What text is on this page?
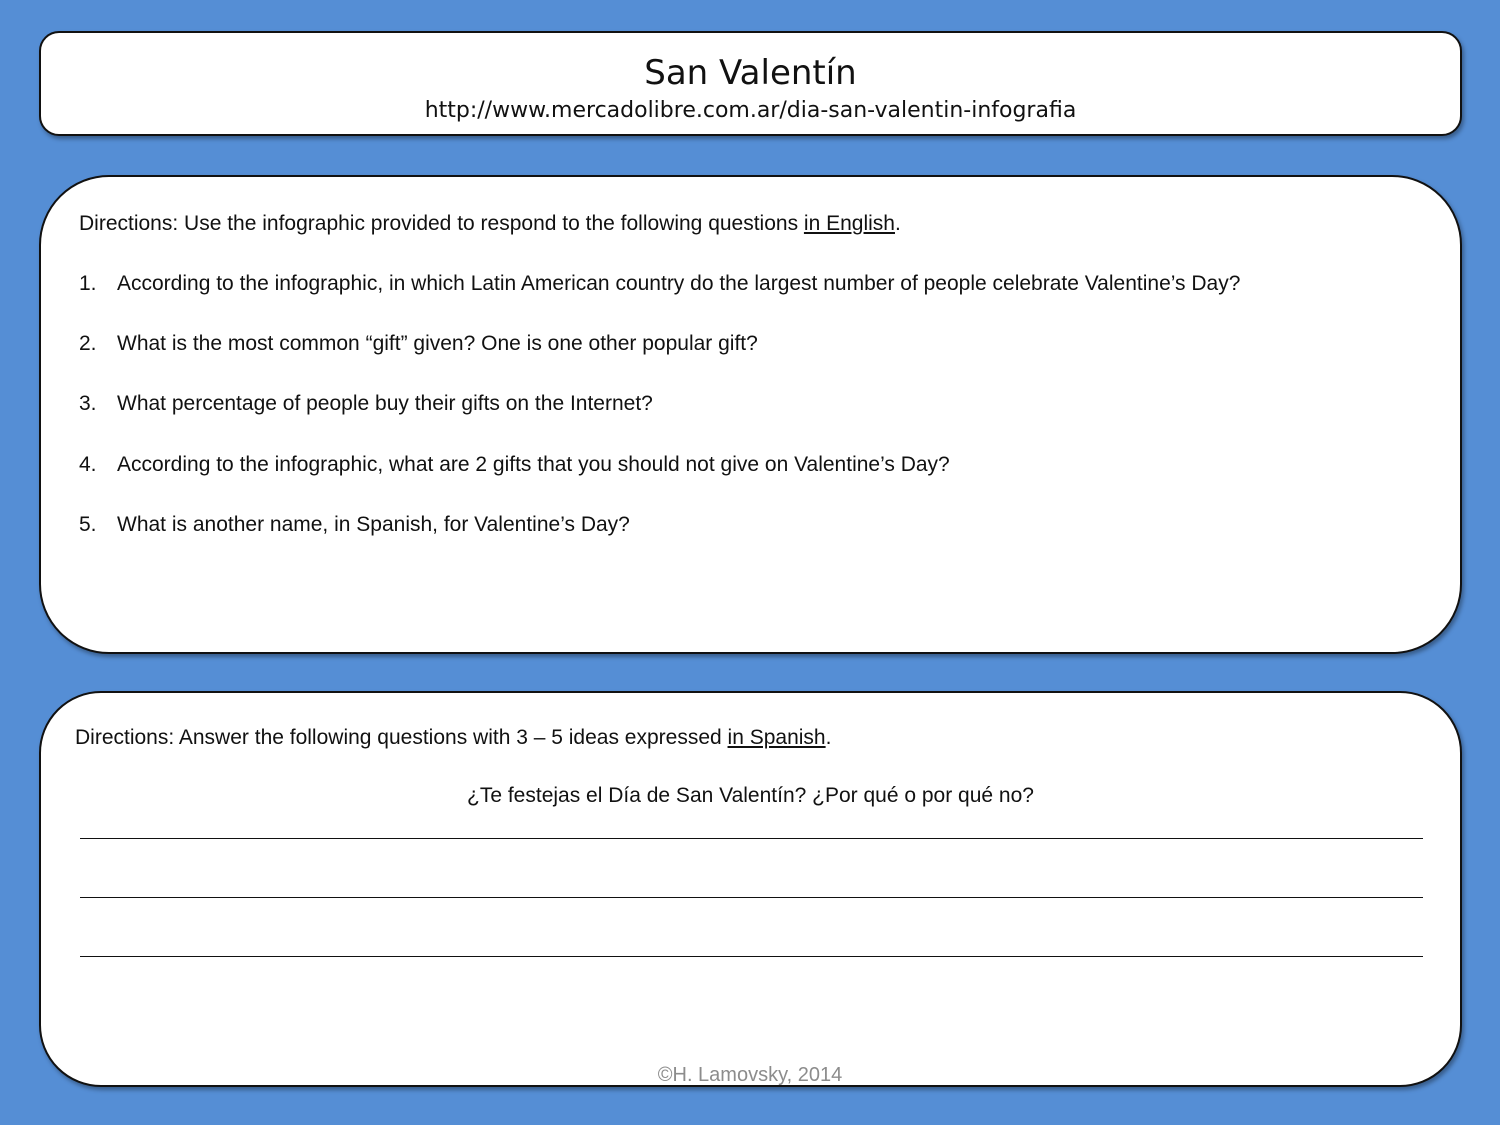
San Valentín
http://www.mercadolibre.com.ar/dia-san-valentin-infografia
Directions: Use the infographic provided to respond to the following questions in English.
1. According to the infographic, in which Latin American country do the largest number of people celebrate Valentine’s Day?
2. What is the most common “gift” given? One is one other popular gift?
3. What percentage of people buy their gifts on the Internet?
4. According to the infographic, what are 2 gifts that you should not give on Valentine’s Day?
5. What is another name, in Spanish, for Valentine’s Day?
Directions: Answer the following questions with 3 – 5 ideas expressed in Spanish.
¿Te festejas el Día de San Valentín? ¿Por qué o por qué no?
©H. Lamovsky, 2014
